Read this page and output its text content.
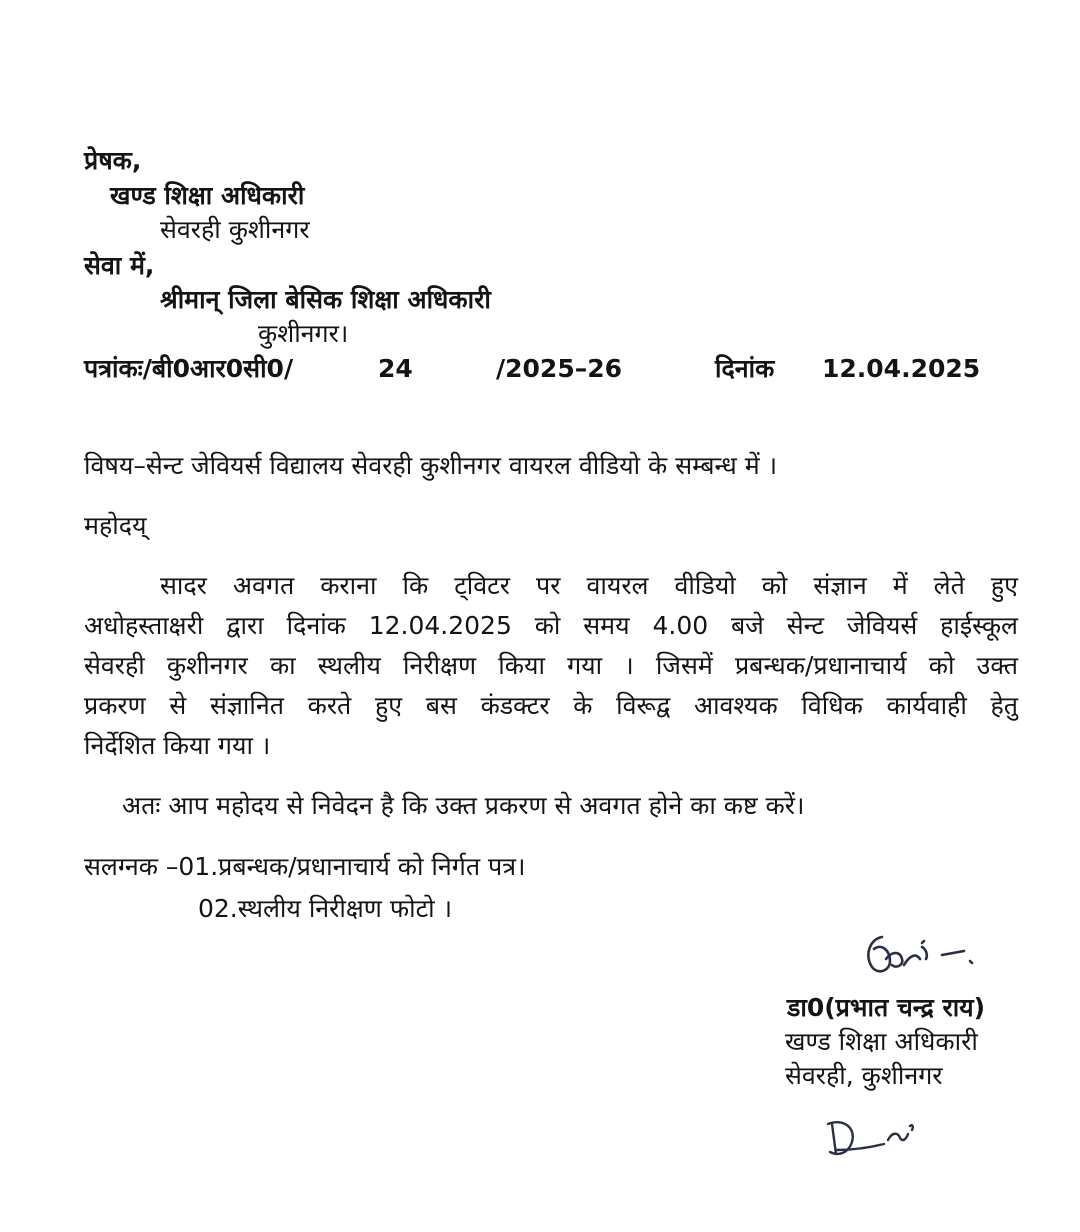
प्रेषक,
खण्ड शिक्षा अधिकारी
सेवरही कुशीनगर
सेवा में,
श्रीमान् जिला बेसिक शिक्षा अधिकारी
कुशीनगर।
पत्रांकः/बी0आर0सी0/	24	/2025–26	दिनांक 12.04.2025
विषय–सेन्ट जेवियर्स विद्यालय सेवरही कुशीनगर वायरल वीडियो के सम्बन्ध में ।
महोदय्
सादर अवगत कराना कि ट्विटर पर वायरल वीडियो को संज्ञान में लेते हुए
अधोहस्ताक्षरी द्वारा दिनांक 12.04.2025 को समय 4.00 बजे सेन्ट जेवियर्स हाईस्कूल
सेवरही कुशीनगर का स्थलीय निरीक्षण किया गया । जिसमें प्रबन्धक/प्रधानाचार्य को उक्त
प्रकरण से संज्ञानित करते हुए बस कंडक्टर के विरूद्व आवश्यक विधिक कार्यवाही हेतु
निर्देशित किया गया ।
अतः आप महोदय से निवेदन है कि उक्त प्रकरण से अवगत होने का कष्ट करें।
सलग्नक –01.प्रबन्धक/प्रधानाचार्य को निर्गत पत्र।
02.स्थलीय निरीक्षण फोटो ।
डा0(प्रभात चन्द्र राय)
खण्ड शिक्षा अधिकारी
सेवरही, कुशीनगर
